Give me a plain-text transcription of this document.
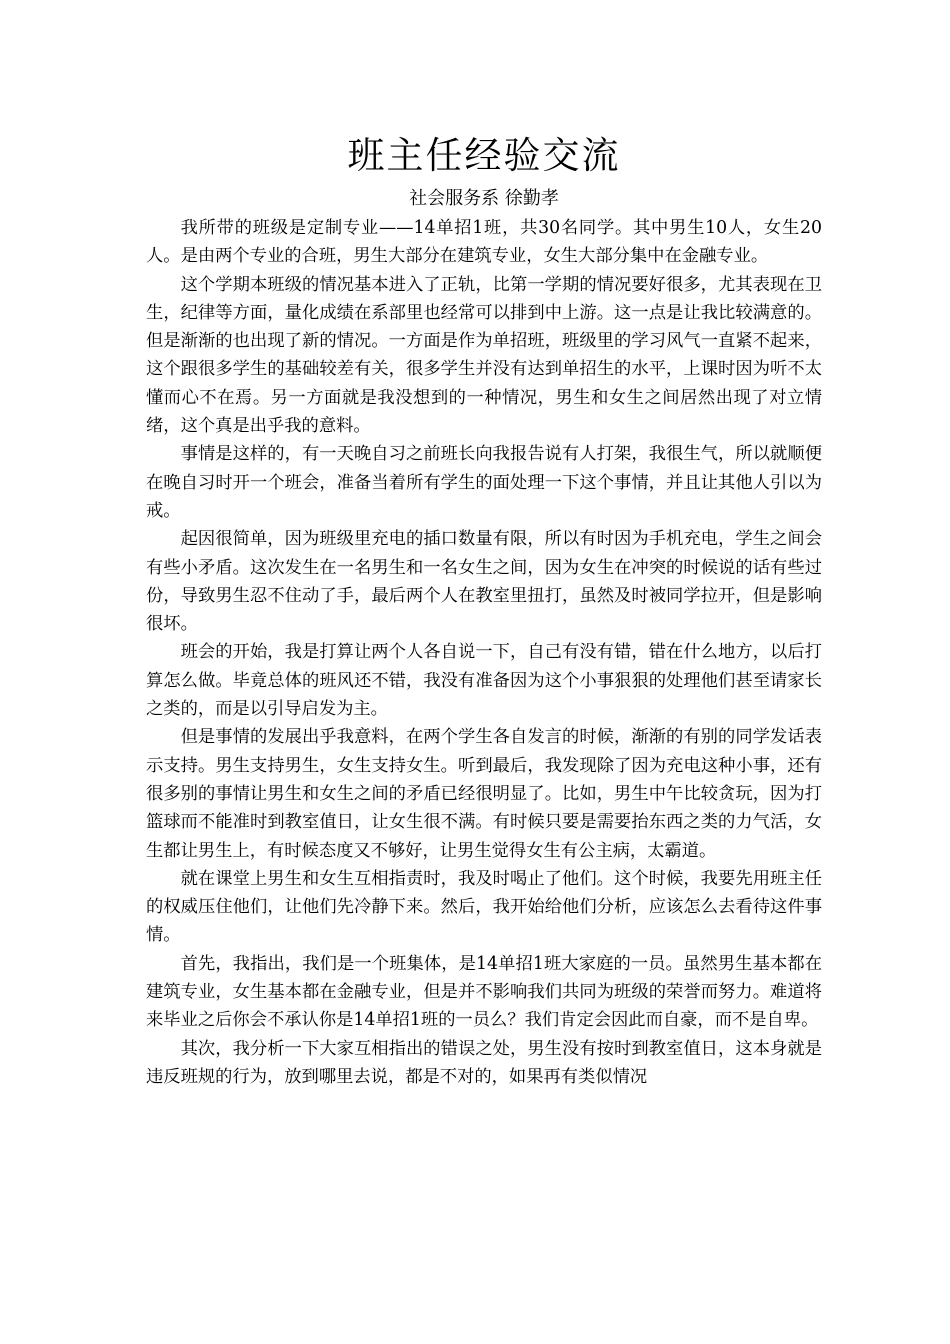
班主任经验交流

社会服务系 徐勤孝

我所带的班级是定制专业——14单招1班，共30名同学。其中男生10人，女生20人。是由两个专业的合班，男生大部分在建筑专业，女生大部分集中在金融专业。

这个学期本班级的情况基本进入了正轨，比第一学期的情况要好很多，尤其表现在卫生，纪律等方面，量化成绩在系部里也经常可以排到中上游。这一点是让我比较满意的。但是渐渐的也出现了新的情况。一方面是作为单招班，班级里的学习风气一直紧不起来，这个跟很多学生的基础较差有关，很多学生并没有达到单招生的水平，上课时因为听不太懂而心不在焉。另一方面就是我没想到的一种情况，男生和女生之间居然出现了对立情绪，这个真是出乎我的意料。

事情是这样的，有一天晚自习之前班长向我报告说有人打架，我很生气，所以就顺便在晚自习时开一个班会，准备当着所有学生的面处理一下这个事情，并且让其他人引以为戒。

起因很简单，因为班级里充电的插口数量有限，所以有时因为手机充电，学生之间会有些小矛盾。这次发生在一名男生和一名女生之间，因为女生在冲突的时候说的话有些过份，导致男生忍不住动了手，最后两个人在教室里扭打，虽然及时被同学拉开，但是影响很坏。

班会的开始，我是打算让两个人各自说一下，自己有没有错，错在什么地方，以后打算怎么做。毕竟总体的班风还不错，我没有准备因为这个小事狠狠的处理他们甚至请家长之类的，而是以引导启发为主。

但是事情的发展出乎我意料，在两个学生各自发言的时候，渐渐的有别的同学发话表示支持。男生支持男生，女生支持女生。听到最后，我发现除了因为充电这种小事，还有很多别的事情让男生和女生之间的矛盾已经很明显了。比如，男生中午比较贪玩，因为打篮球而不能准时到教室值日，让女生很不满。有时候只要是需要抬东西之类的力气活，女生都让男生上，有时候态度又不够好，让男生觉得女生有公主病，太霸道。

就在课堂上男生和女生互相指责时，我及时喝止了他们。这个时候，我要先用班主任的权威压住他们，让他们先冷静下来。然后，我开始给他们分析，应该怎么去看待这件事情。

首先，我指出，我们是一个班集体，是14单招1班大家庭的一员。虽然男生基本都在建筑专业，女生基本都在金融专业，但是并不影响我们共同为班级的荣誉而努力。难道将来毕业之后你会不承认你是14单招1班的一员么？我们肯定会因此而自豪，而不是自卑。

其次，我分析一下大家互相指出的错误之处，男生没有按时到教室值日，这本身就是违反班规的行为，放到哪里去说，都是不对的，如果再有类似情况
